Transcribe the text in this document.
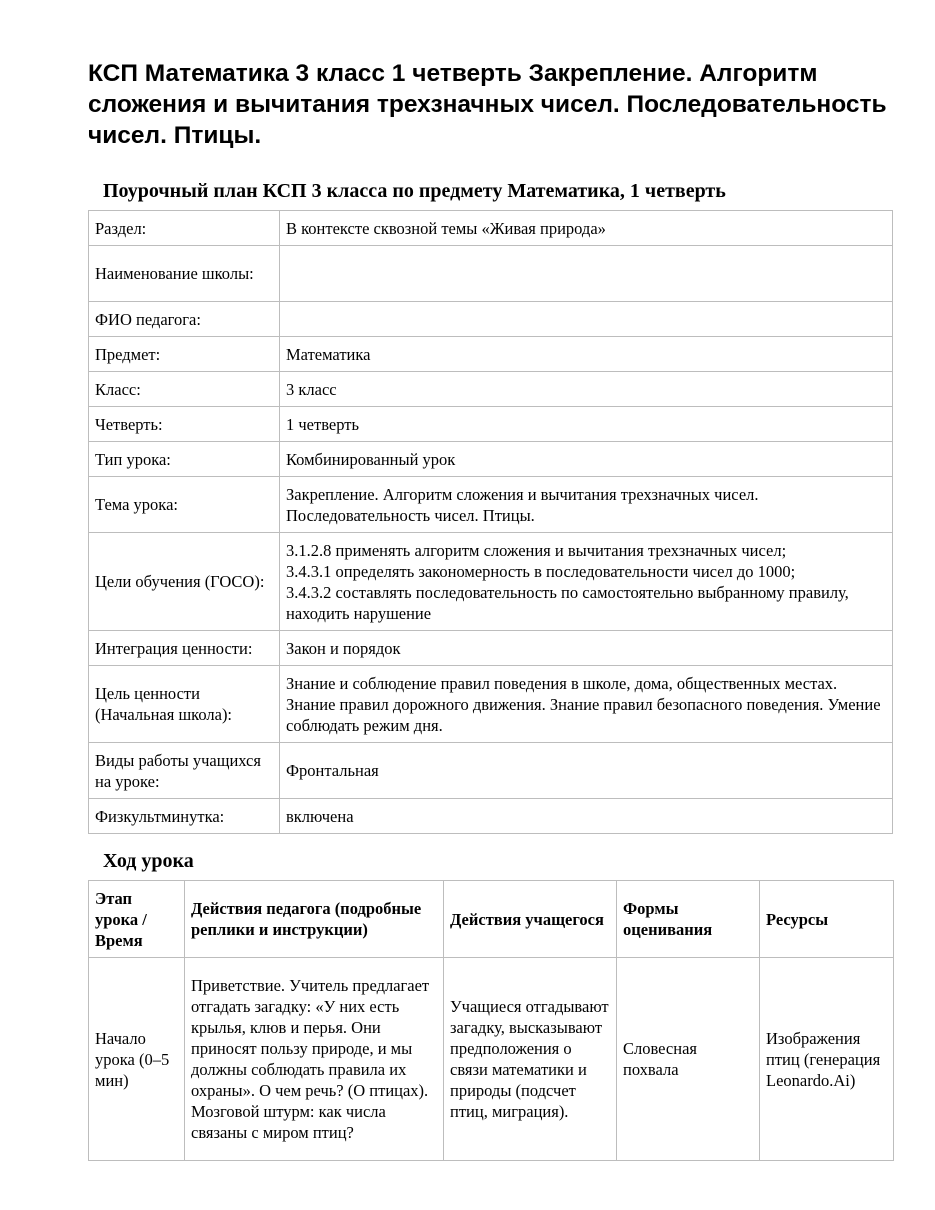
КСП Математика 3 класс 1 четверть Закрепление. Алгоритм сложения и вычитания трехзначных чисел. Последовательность чисел. Птицы.
Поурочный план КСП 3 класса по предмету Математика, 1 четверть
Раздел:	В контексте сквозной темы «Живая природа»
Наименование школы:	
ФИО педагога:	
Предмет:	Математика
Класс:	3 класс
Четверть:	1 четверть
Тип урока:	Комбинированный урок
Тема урока:	Закрепление. Алгоритм сложения и вычитания трехзначных чисел. Последовательность чисел. Птицы.
Цели обучения (ГОСО):	3.1.2.8 применять алгоритм сложения и вычитания трехзначных чисел;
3.4.3.1 определять закономерность в последовательности чисел до 1000;
3.4.3.2 составлять последовательность по самостоятельно выбранному правилу, находить нарушение

Интеграция ценности:	Закон и порядок
Цель ценности (Начальная школа):	Знание и соблюдение правил поведения в школе, дома, общественных местах. Знание правил дорожного движения. Знание правил безопасного поведения. Умение соблюдать режим дня.
Виды работы учащихся на уроке:	Фронтальная
Физкультминутка:	включена
Ход урока
Этап урока / Время	Действия педагога (подробные реплики и инструкции)	Действия учащегося	Формы оценивания	Ресурсы
Начало урока (0–5 мин)	Приветствие. Учитель предлагает отгадать загадку: «У них есть крылья, клюв и перья. Они приносят пользу природе, и мы должны соблюдать правила их охраны». О чем речь? (О птицах). Мозговой штурм: как числа связаны с миром птиц?	Учащиеся отгадывают загадку, высказывают предположения о связи математики и природы (подсчет птиц, миграция).	Словесная похвала	Изображения птиц (генерация Leonardo.Ai)
